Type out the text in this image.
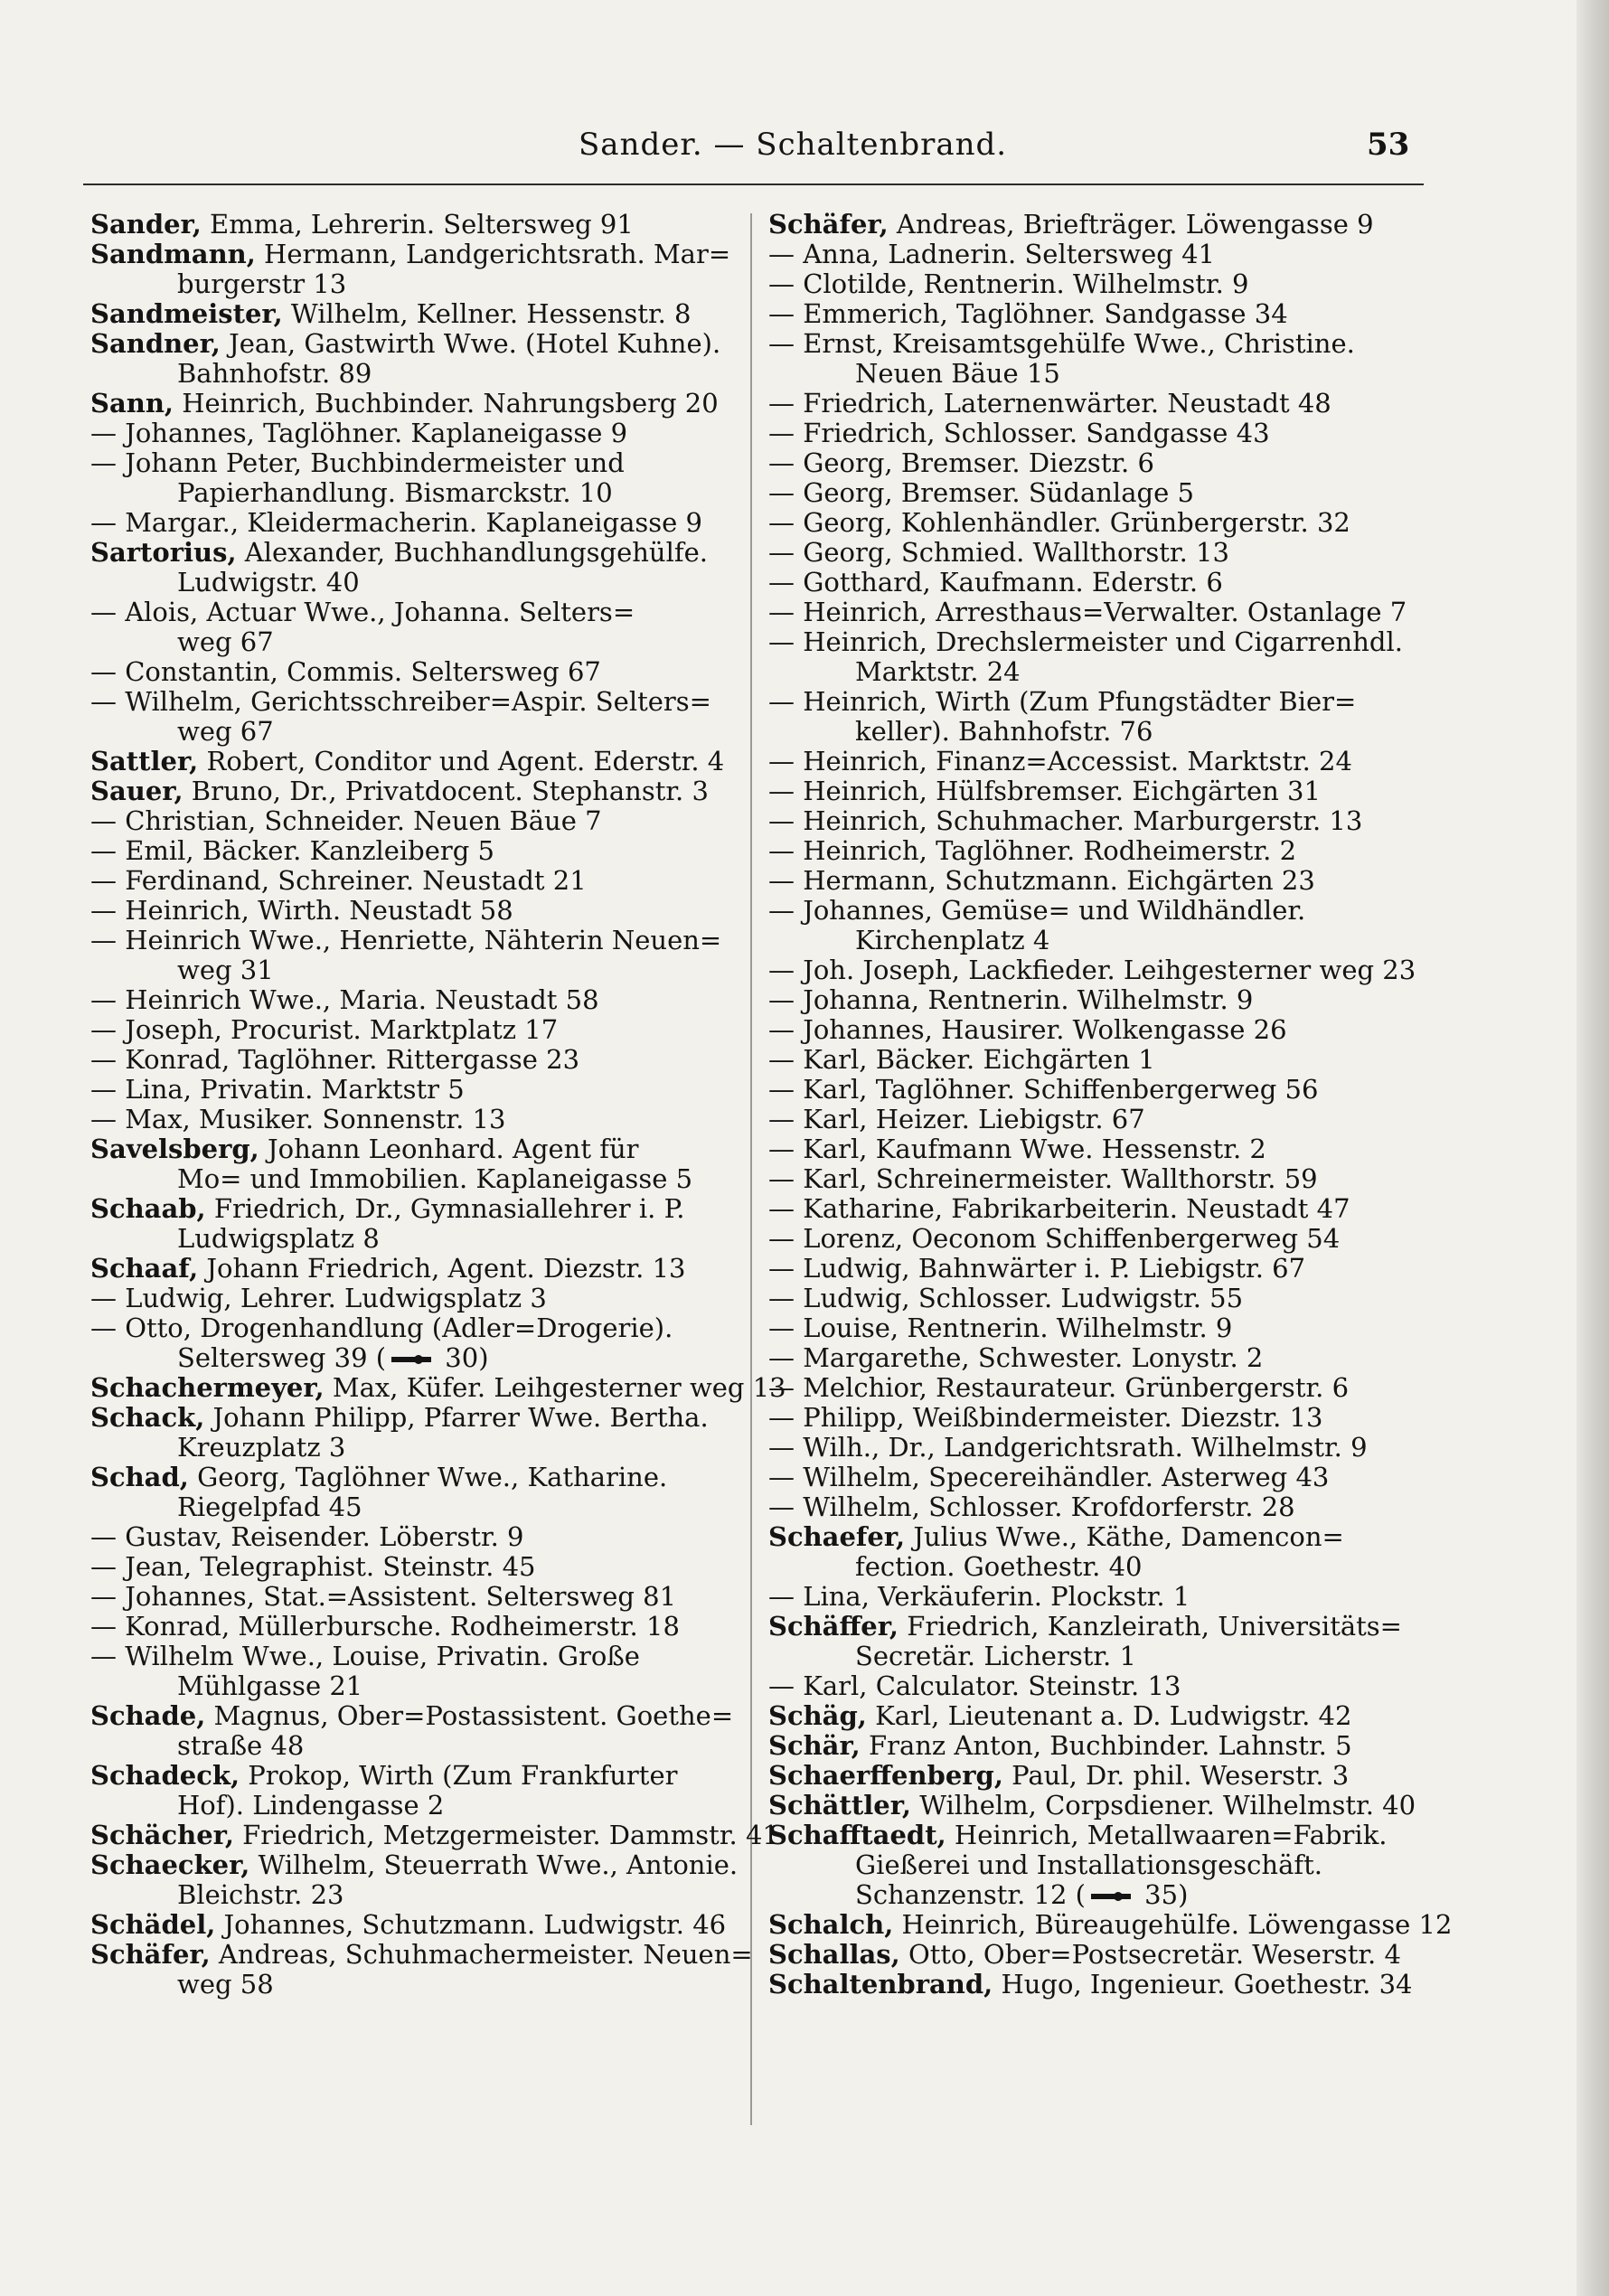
Sander. — Schaltenbrand.	53
Sander, Emma, Lehrerin. Seltersweg 91
Sandmann, Hermann, Landgerichtsrath. Mar=
burgerstr 13
Sandmeister, Wilhelm, Kellner. Hessenstr. 8
Sandner, Jean, Gastwirth Wwe. (Hotel Kuhne).
Bahnhofstr. 89
Sann, Heinrich, Buchbinder. Nahrungsberg 20
— Johannes, Taglöhner. Kaplaneigasse 9
— Johann Peter, Buchbindermeister und
Papierhandlung. Bismarckstr. 10
— Margar., Kleidermacherin. Kaplaneigasse 9
Sartorius, Alexander, Buchhandlungsgehülfe.
Ludwigstr. 40
— Alois, Actuar Wwe., Johanna. Selters=
weg 67
— Constantin, Commis. Seltersweg 67
— Wilhelm, Gerichtsschreiber=Aspir. Selters=
weg 67
Sattler, Robert, Conditor und Agent. Ederstr. 4
Sauer, Bruno, Dr., Privatdocent. Stephanstr. 3
— Christian, Schneider. Neuen Bäue 7
— Emil, Bäcker. Kanzleiberg 5
— Ferdinand, Schreiner. Neustadt 21
— Heinrich, Wirth. Neustadt 58
— Heinrich Wwe., Henriette, Nähterin Neuen=
weg 31
— Heinrich Wwe., Maria. Neustadt 58
— Joseph, Procurist. Marktplatz 17
— Konrad, Taglöhner. Rittergasse 23
— Lina, Privatin. Marktstr 5
— Max, Musiker. Sonnenstr. 13
Savelsberg, Johann Leonhard. Agent für
Mo= und Immobilien. Kaplaneigasse 5
Schaab, Friedrich, Dr., Gymnasiallehrer i. P.
Ludwigsplatz 8
Schaaf, Johann Friedrich, Agent. Diezstr. 13
— Ludwig, Lehrer. Ludwigsplatz 3
— Otto, Drogenhandlung (Adler=Drogerie).
Seltersweg 39 ( 30)
Schachermeyer, Max, Küfer. Leihgesterner weg 13
Schack, Johann Philipp, Pfarrer Wwe. Bertha.
Kreuzplatz 3
Schad, Georg, Taglöhner Wwe., Katharine.
Riegelpfad 45
— Gustav, Reisender. Löberstr. 9
— Jean, Telegraphist. Steinstr. 45
— Johannes, Stat.=Assistent. Seltersweg 81
— Konrad, Müllerbursche. Rodheimerstr. 18
— Wilhelm Wwe., Louise, Privatin. Große
Mühlgasse 21
Schade, Magnus, Ober=Postassistent. Goethe=
straße 48
Schadeck, Prokop, Wirth (Zum Frankfurter
Hof). Lindengasse 2
Schächer, Friedrich, Metzgermeister. Dammstr. 41
Schaecker, Wilhelm, Steuerrath Wwe., Antonie.
Bleichstr. 23
Schädel, Johannes, Schutzmann. Ludwigstr. 46
Schäfer, Andreas, Schuhmachermeister. Neuen=
weg 58
Schäfer, Andreas, Briefträger. Löwengasse 9
— Anna, Ladnerin. Seltersweg 41
— Clotilde, Rentnerin. Wilhelmstr. 9
— Emmerich, Taglöhner. Sandgasse 34
— Ernst, Kreisamtsgehülfe Wwe., Christine.
Neuen Bäue 15
— Friedrich, Laternenwärter. Neustadt 48
— Friedrich, Schlosser. Sandgasse 43
— Georg, Bremser. Diezstr. 6
— Georg, Bremser. Südanlage 5
— Georg, Kohlenhändler. Grünbergerstr. 32
— Georg, Schmied. Wallthorstr. 13
— Gotthard, Kaufmann. Ederstr. 6
— Heinrich, Arresthaus=Verwalter. Ostanlage 7
— Heinrich, Drechslermeister und Cigarrenhdl.
Marktstr. 24
— Heinrich, Wirth (Zum Pfungstädter Bier=
keller). Bahnhofstr. 76
— Heinrich, Finanz=Accessist. Marktstr. 24
— Heinrich, Hülfsbremser. Eichgärten 31
— Heinrich, Schuhmacher. Marburgerstr. 13
— Heinrich, Taglöhner. Rodheimerstr. 2
— Hermann, Schutzmann. Eichgärten 23
— Johannes, Gemüse= und Wildhändler.
Kirchenplatz 4
— Joh. Joseph, Lackfieder. Leihgesterner weg 23
— Johanna, Rentnerin. Wilhelmstr. 9
— Johannes, Hausirer. Wolkengasse 26
— Karl, Bäcker. Eichgärten 1
— Karl, Taglöhner. Schiffenbergerweg 56
— Karl, Heizer. Liebigstr. 67
— Karl, Kaufmann Wwe. Hessenstr. 2
— Karl, Schreinermeister. Wallthorstr. 59
— Katharine, Fabrikarbeiterin. Neustadt 47
— Lorenz, Oeconom Schiffenbergerweg 54
— Ludwig, Bahnwärter i. P. Liebigstr. 67
— Ludwig, Schlosser. Ludwigstr. 55
— Louise, Rentnerin. Wilhelmstr. 9
— Margarethe, Schwester. Lonystr. 2
— Melchior, Restaurateur. Grünbergerstr. 6
— Philipp, Weißbindermeister. Diezstr. 13
— Wilh., Dr., Landgerichtsrath. Wilhelmstr. 9
— Wilhelm, Specereihändler. Asterweg 43
— Wilhelm, Schlosser. Krofdorferstr. 28
Schaefer, Julius Wwe., Käthe, Damencon=
fection. Goethestr. 40
— Lina, Verkäuferin. Plockstr. 1
Schäffer, Friedrich, Kanzleirath, Universitäts=
Secretär. Licherstr. 1
— Karl, Calculator. Steinstr. 13
Schäg, Karl, Lieutenant a. D. Ludwigstr. 42
Schär, Franz Anton, Buchbinder. Lahnstr. 5
Schaerffenberg, Paul, Dr. phil. Weserstr. 3
Schättler, Wilhelm, Corpsdiener. Wilhelmstr. 40
Schafftaedt, Heinrich, Metallwaaren=Fabrik.
Gießerei und Installationsgeschäft.
Schanzenstr. 12 ( 35)
Schalch, Heinrich, Büreaugehülfe. Löwengasse 12
Schallas, Otto, Ober=Postsecretär. Weserstr. 4
Schaltenbrand, Hugo, Ingenieur. Goethestr. 34
